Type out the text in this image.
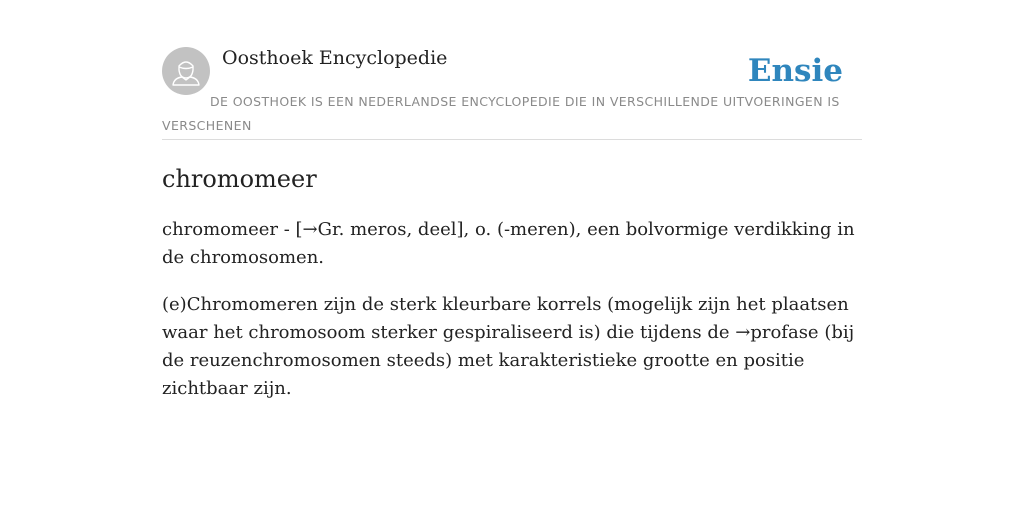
Oosthoek Encyclopedie	Ensie
DE OOSTHOEK IS EEN NEDERLANDSE ENCYCLOPEDIE DIE IN VERSCHILLENDE UITVOERINGEN IS VERSCHENEN
chromomeer

chromomeer - [→Gr. meros, deel], o. (-meren), een bolvormige verdikking in de chromosomen.

(e)Chromomeren zijn de sterk kleurbare korrels (mogelijk zijn het plaatsen waar het chromosoom sterker gespiraliseerd is) die tijdens de →profase (bij de reuzenchromosomen steeds) met karakteristieke grootte en positie zichtbaar zijn.
